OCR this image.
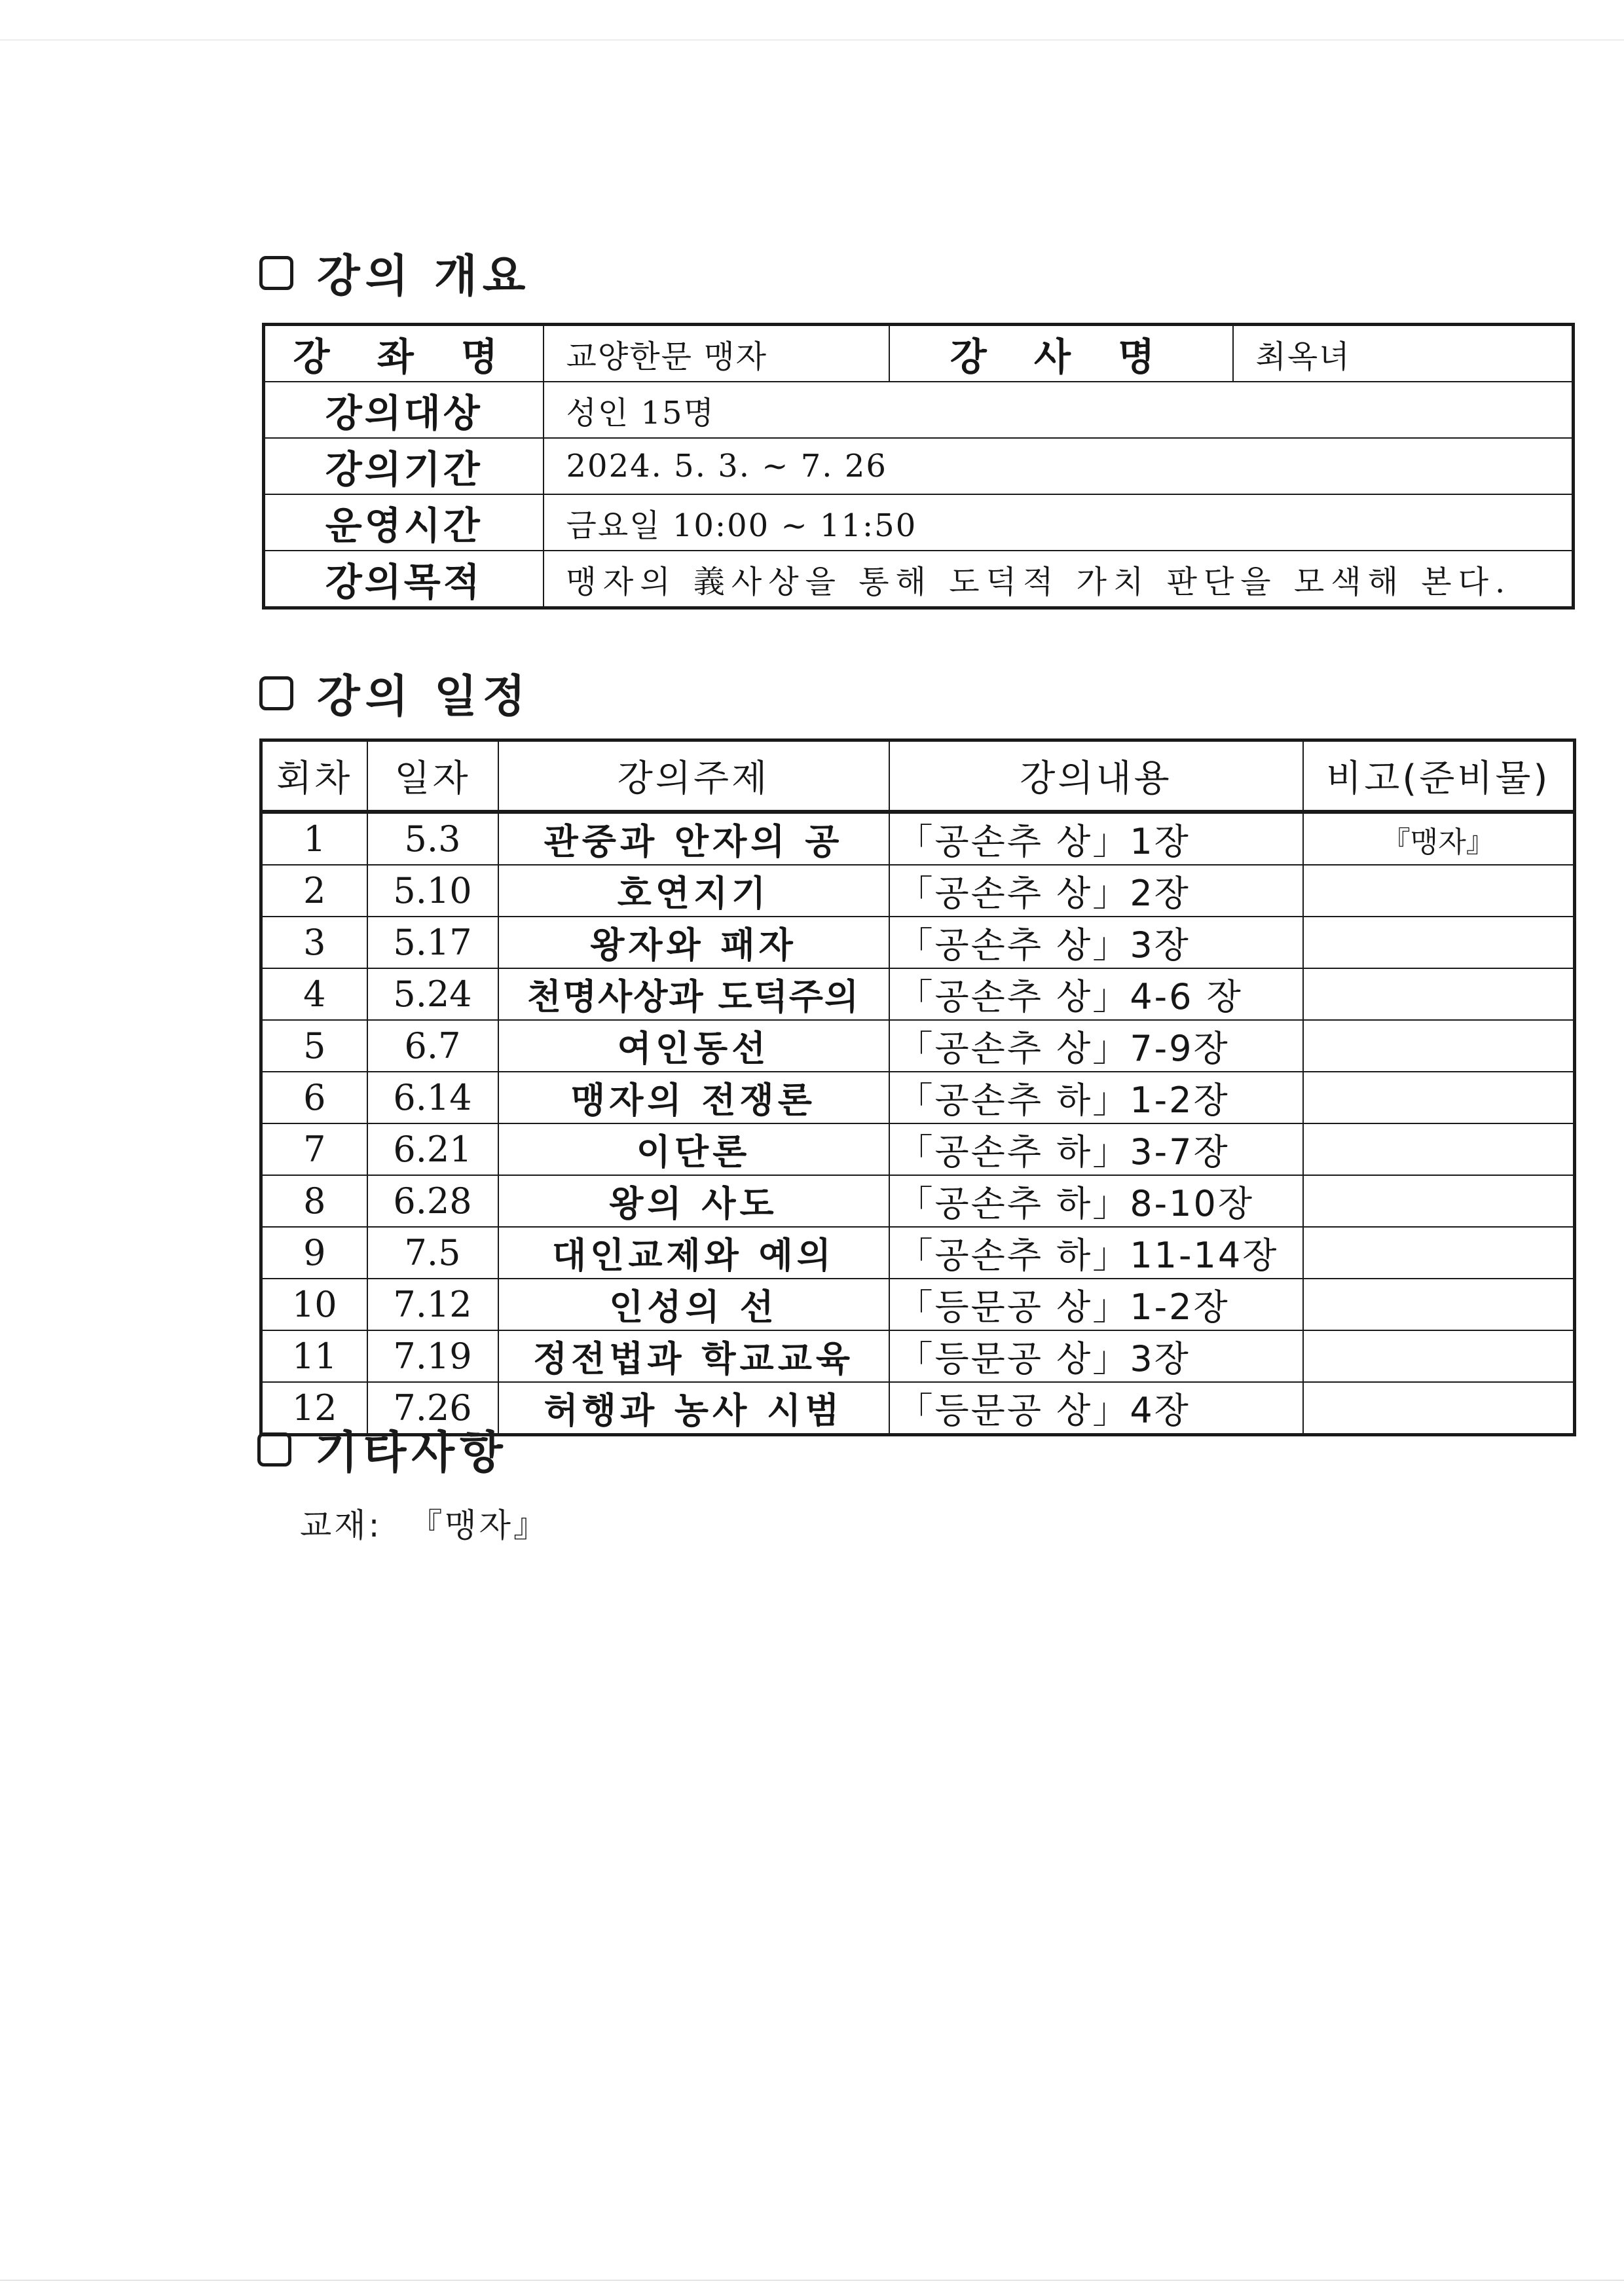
강의 개요
강 좌 명	교양한문 맹자	강 사 명	최옥녀
강의대상	성인 15명		
강의기간	2024. 5. 3. ~ 7. 26		
운영시간	금요일 10:00 ~ 11:50		
강의목적	맹자의 義사상을 통해 도덕적 가치 판단을 모색해 본다.		
강의 일정
회차	일자	강의주제	강의내용	비고(준비물)
1	5.3	관중과 안자의 공	「공손추 상」1장	『맹자』
2	5.10	호연지기	「공손추 상」2장	
3	5.17	왕자와 패자	「공손추 상」3장	
4	5.24	천명사상과 도덕주의	「공손추 상」4-6 장	
5	6.7	여인동선	「공손추 상」7-9장	
6	6.14	맹자의 전쟁론	「공손추 하」1-2장	
7	6.21	이단론	「공손추 하」3-7장	
8	6.28	왕의 사도	「공손추 하」8-10장	
9	7.5	대인교제와 예의	「공손추 하」11-14장	
10	7.12	인성의 선	「등문공 상」1-2장	
11	7.19	정전법과 학교교육	「등문공 상」3장	
12	7.26	허행과 농사 시범	「등문공 상」4장	
기타사항
교재: 『맹자』
